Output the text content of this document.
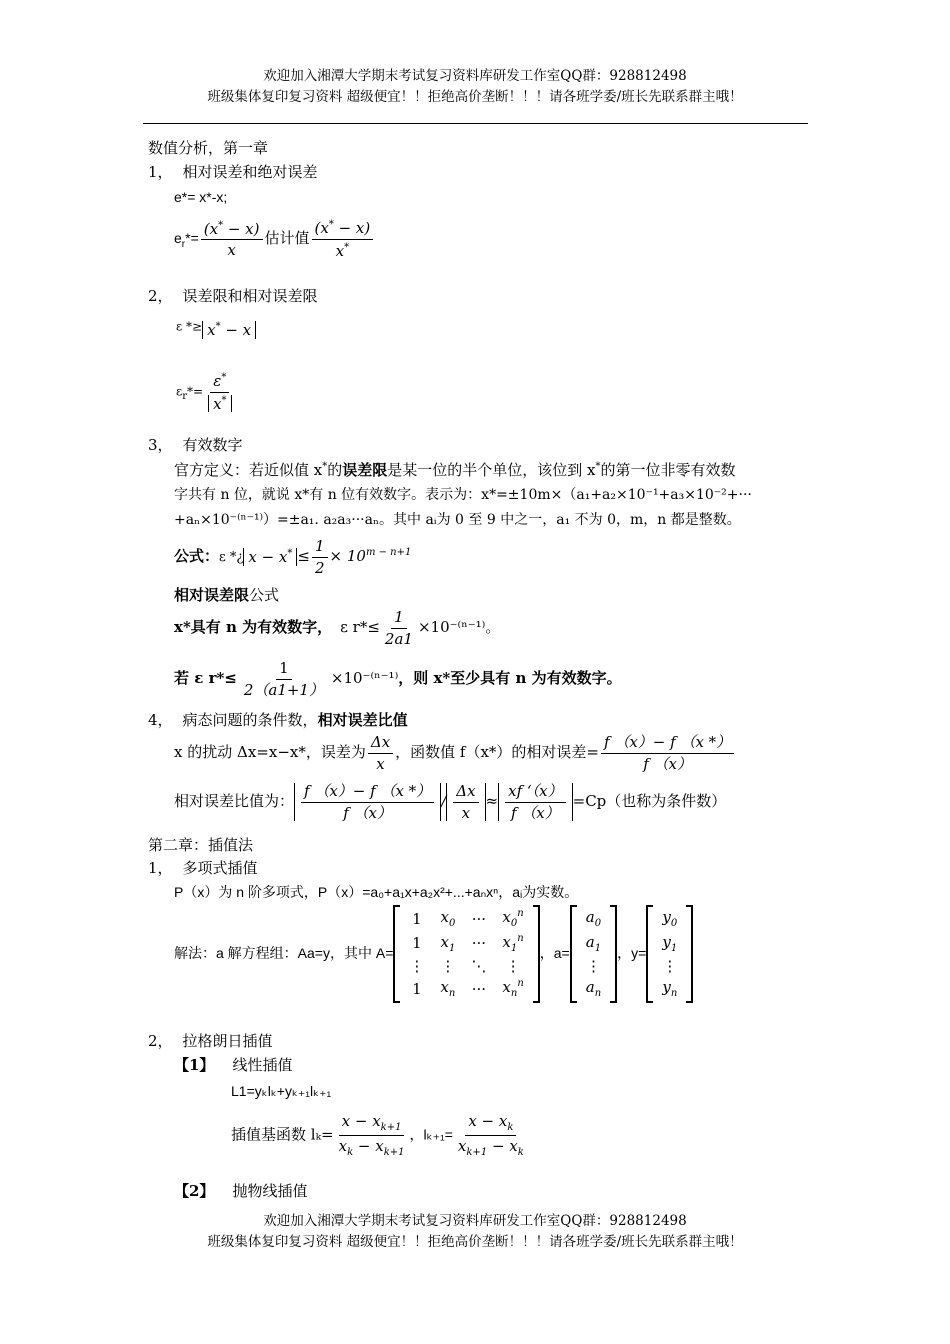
欢迎加入湘潭大学期末考试复习资料库研发工作室QQ群：928812498
班级集体复印复习资料 超级便宜！！拒绝高价垄断！！！请各班学委/班长先联系群主哦！
数值分析，第一章
1， 相对误差和绝对误差
e*= x*-x;
$e_r*= \frac{(x^* - x)}{x}$ 估计值 $\frac{(x^* - x)}{x^*}$
2， 误差限和相对误差限
ε *≥ x* − x
$\varepsilon_r*= \frac{\varepsilon^*}{x^*}$
3， 有效数字
官方定义：若近似值 x*的误差限是某一位的半个单位，该位到 x*的第一位非零有效数
字共有 n 位，就说 x*有 n 位有效数字。表示为：x*=±10m×（a₁+a₂×10⁻¹+a₃×10⁻²+···
+aₙ×10⁻⁽ⁿ⁻¹⁾）=±a₁. a₂a₃···aₙ。其中 aᵢ为 0 至 9 中之一，a₁ 不为 0，m，n 都是整数。
公式：ε *¿ $x - x^* \le \frac{1}{2} \times 10^{m - n+1}$
相对误差限公式
x*具有 n 为有效数字， ε $r*\le \frac{1}{2a1} \times 10^{-(n-1)}$。
若 ε $r*\le \frac{1}{2(a1+1)} \times 10^{-(n-1)}$，则 x*至少具有 n 为有效数字。
4， 病态问题的条件数，相对误差比值
x 的扰动 Δx=x−x*，误差为 $\frac{\Delta x}{x}$ ，函数值 f（x*）的相对误差= $\frac{f (x)- f (x *)}{f (x)}$
相对误差比值为： $\frac{f (x)- f (x *)}{f (x)} / \frac{\Delta x}{x} \approx \frac{xf ‘(x)}{f (x)} =Cp$（也称为条件数）
第二章：插值法
1， 多项式插值
P（x）为 n 阶多项式，P（x）=a₀+a₁x+a₂x²+...+aₙxⁿ，aᵢ为实数。
解法：a 解方程组：Aa=y，其中 A=
1	$x_0$	···	$x_0^n$
1	$x_1$	···	$x_1^n$
⋮	⋮	⋱	⋮
1	$x_n$	···	$x_n^n$
，a=
$a_0$
$a_1$
⋮
$a_n$
，y=
$y_0$
$y_1$
⋮
$y_n$
2， 拉格朗日插值
【1】 线性插值
L1=yₖlₖ+yₖ₊₁lₖ₊₁
插值基函数 $l_k= \frac{x - x_{k+1}}{x_k - x_{k+1}}$ ，$l_{k+1}= \frac{x - x_k}{x_{k+1} - x_k}$
【2】 抛物线插值
欢迎加入湘潭大学期末考试复习资料库研发工作室QQ群：928812498
班级集体复印复习资料 超级便宜！！拒绝高价垄断！！！请各班学委/班长先联系群主哦！
